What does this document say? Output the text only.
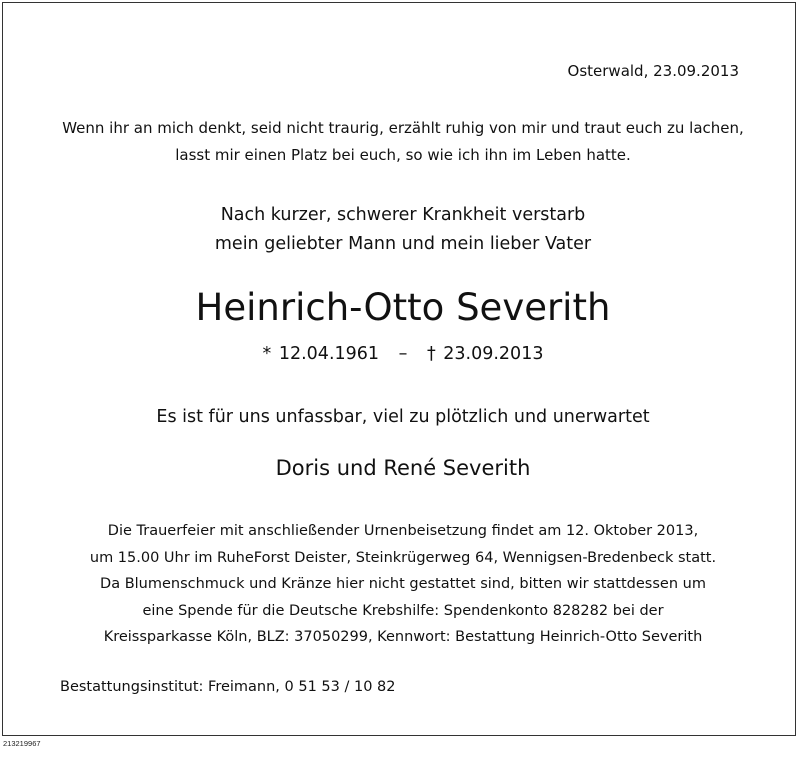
Osterwald, 23.09.2013
Wenn ihr an mich denkt, seid nicht traurig, erzählt ruhig von mir und traut euch zu lachen,
lasst mir einen Platz bei euch, so wie ich ihn im Leben hatte.
Nach kurzer, schwerer Krankheit verstarb
mein geliebter Mann und mein lieber Vater
Heinrich-Otto Severith
* 12.04.1961 – † 23.09.2013
Es ist für uns unfassbar, viel zu plötzlich und unerwartet
Doris und René Severith
Die Trauerfeier mit anschließender Urnenbeisetzung findet am 12. Oktober 2013,
um 15.00 Uhr im RuheForst Deister, Steinkrügerweg 64, Wennigsen-Bredenbeck statt.
Da Blumenschmuck und Kränze hier nicht gestattet sind, bitten wir stattdessen um
eine Spende für die Deutsche Krebshilfe: Spendenkonto 828282 bei der
Kreissparkasse Köln, BLZ: 37050299, Kennwort: Bestattung Heinrich-Otto Severith
Bestattungsinstitut: Freimann, 0 51 53 / 10 82
213219967
